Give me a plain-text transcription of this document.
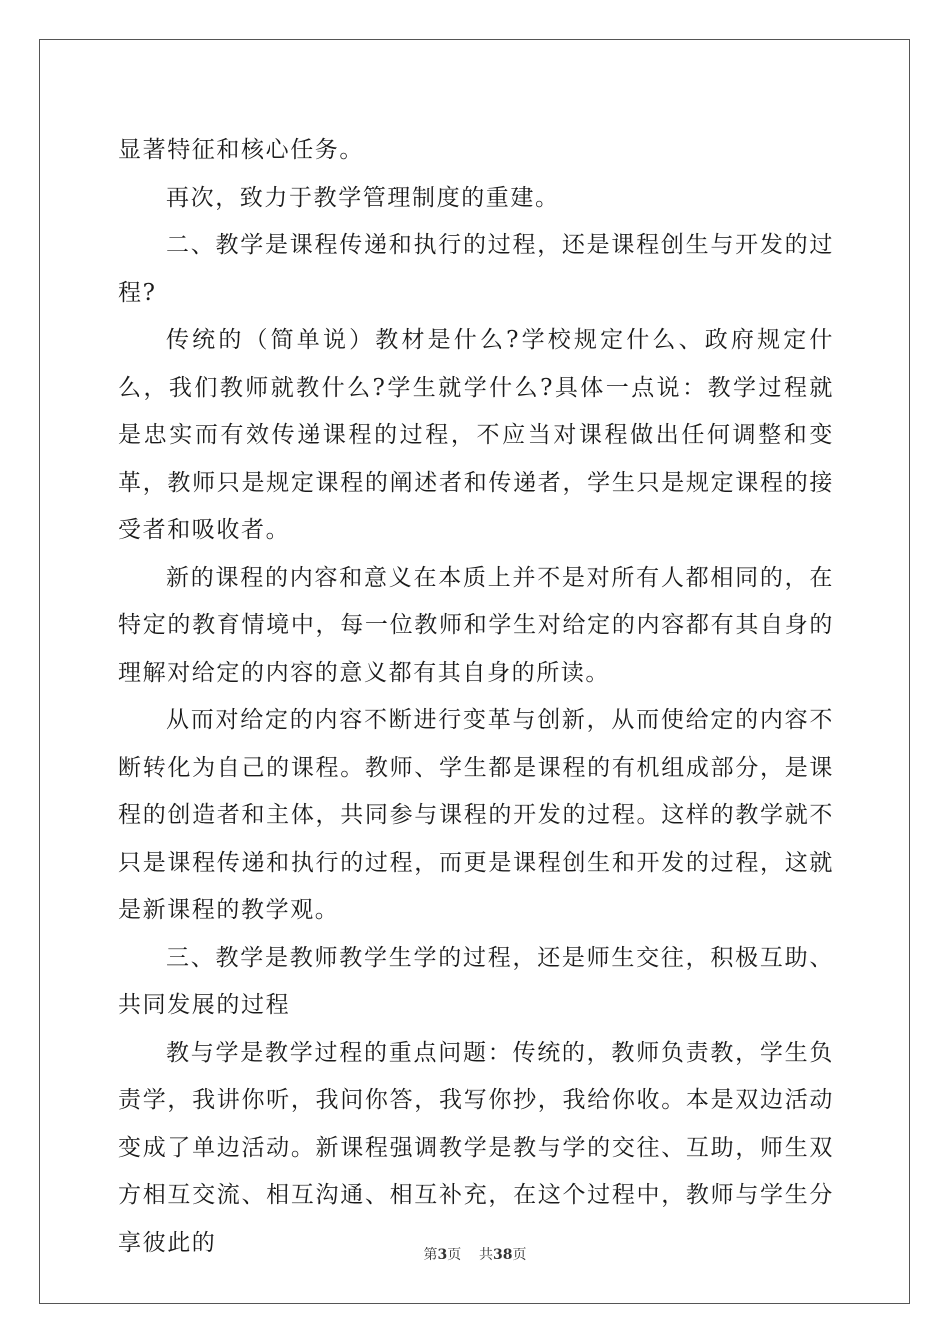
显著特征和核心任务。

再次，致力于教学管理制度的重建。

二、教学是课程传递和执行的过程，还是课程创生与开发的过程?

传统的（简单说）教材是什么?学校规定什么、政府规定什么，我们教师就教什么?学生就学什么?具体一点说：教学过程就是忠实而有效传递课程的过程，不应当对课程做出任何调整和变革，教师只是规定课程的阐述者和传递者，学生只是规定课程的接受者和吸收者。

新的课程的内容和意义在本质上并不是对所有人都相同的，在特定的教育情境中，每一位教师和学生对给定的内容都有其自身的理解对给定的内容的意义都有其自身的所读。

从而对给定的内容不断进行变革与创新，从而使给定的内容不断转化为自己的课程。教师、学生都是课程的有机组成部分，是课程的创造者和主体，共同参与课程的开发的过程。这样的教学就不只是课程传递和执行的过程，而更是课程创生和开发的过程，这就是新课程的教学观。

三、教学是教师教学生学的过程，还是师生交往，积极互助、共同发展的过程

教与学是教学过程的重点问题：传统的，教师负责教，学生负责学，我讲你听，我问你答，我写你抄，我给你收。本是双边活动变成了单边活动。新课程强调教学是教与学的交往、互助，师生双方相互交流、相互沟通、相互补充，在这个过程中，教师与学生分享彼此的	第3页    共38页
